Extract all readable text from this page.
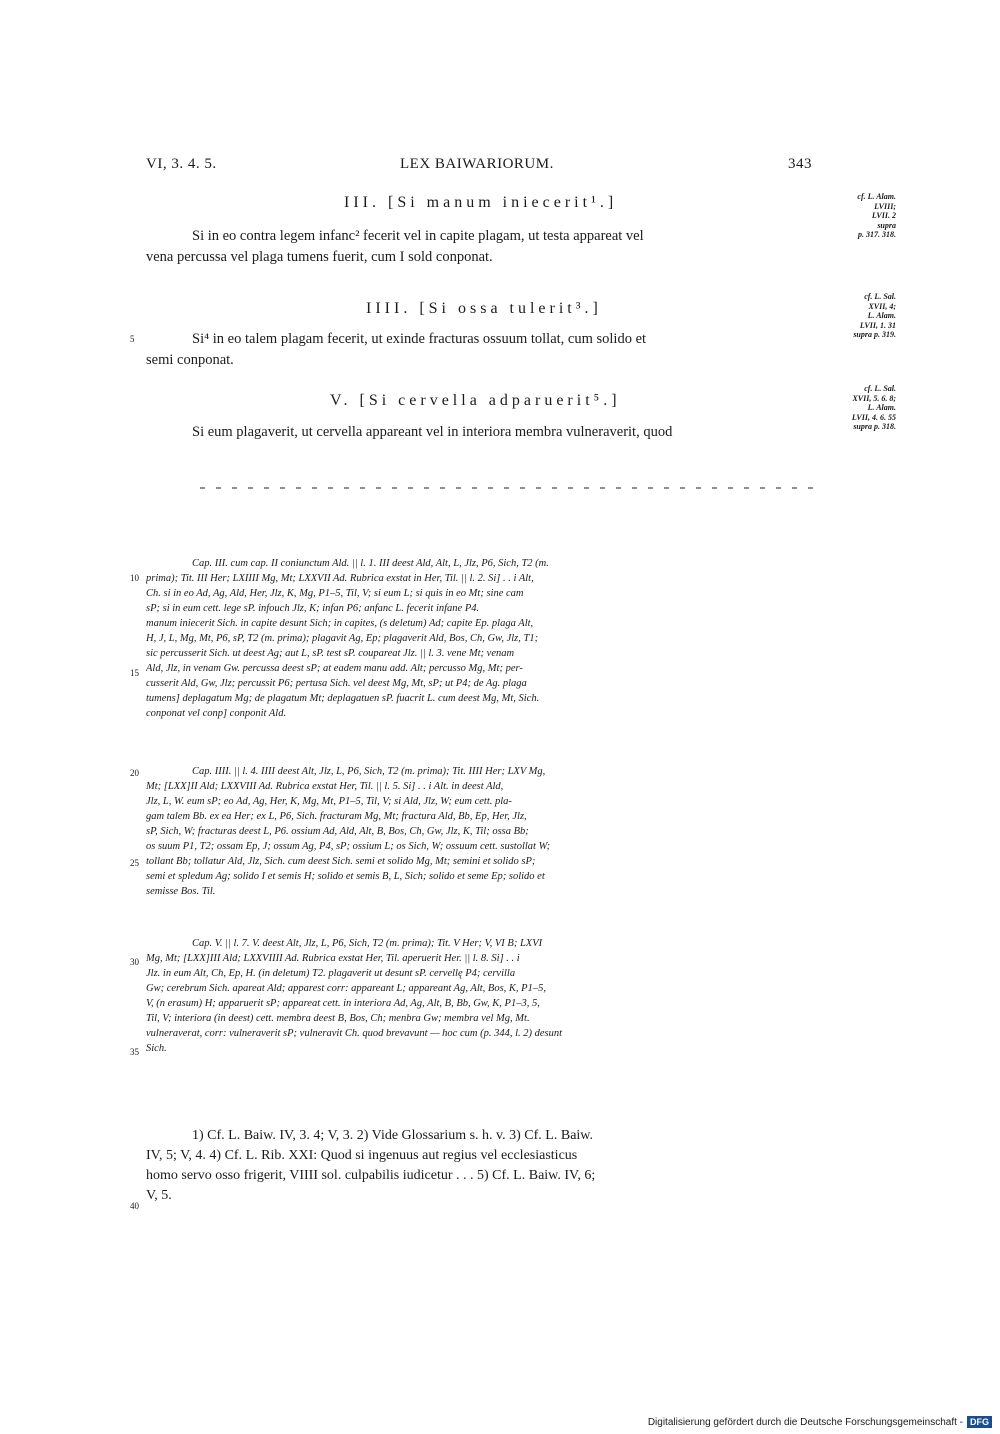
VI, 3. 4. 5.	LEX BAIWARIORUM.	343
III. [Si manum iniecerit¹.]
Si in eo contra legem infanc² fecerit vel in capite plagam, ut testa appareat vel
vena percussa vel plaga tumens fuerit, cum I sold conponat.
cf. L. Alam.
LVIII;
LVII. 2
supra
p. 317. 318.
IIII. [Si ossa tulerit³.]
5	Si⁴ in eo talem plagam fecerit, ut exinde fracturas ossuum tollat, cum solido et
semi conponat.
cf. L. Sal.
XVII, 4;
L. Alam.
LVII, 1. 31
supra p. 319.
V. [Si cervella adparuerit⁵.]
Si eum plagaverit, ut cervella appareant vel in interiora membra vulneraverit, quod
cf. L. Sal.
XVII, 5. 6. 8;
L. Alam.
LVII, 4. 6. 55
supra p. 318.
Cap. III. cum cap. II coniunctum Ald. || l. 1. III deest Ald, Alt, L, Jlz, P6, Sich, T2 (m.
prima); Tit. III Her; LXIIII Mg, Mt; LXXVII Ad. Rubrica exstat in Her, Til. || l. 2. Si] . . i Alt,
Ch. si in eo Ad, Ag, Ald, Her, Jlz, K, Mg, P1–5, Til, V; si eum L; si quis in eo Mt; sine cam
sP; si in eum cett. lege sP. infouch Jlz, K; infan P6; anfanc L. fecerit infane P4.
manum iniecerit Sich. in capite desunt Sich; in capites, (s deletum) Ad; capite Ep. plaga Alt,
H, J, L, Mg, Mt, P6, sP, T2 (m. prima); plagavit Ag, Ep; plagaverit Ald, Bos, Ch, Gw, Jlz, T1;
sic percusserit Sich. ut deest Ag; aut L, sP. test sP. coupareat Jlz. || l. 3. vene Mt; venam
Ald, Jlz, in venam Gw. percussa deest sP; at eadem manu add. Alt; percusso Mg, Mt; per-
cusserit Ald, Gw, Jlz; percussit P6; pertusa Sich. vel deest Mg, Mt, sP; ut P4; de Ag. plaga
tumens] deplagatum Mg; de plagatum Mt; deplagatuen sP. fuacrit L. cum deest Mg, Mt, Sich.
conponat vel conp] conponit Ald.
10
15
Cap. IIII. || l. 4. IIII deest Alt, Jlz, L, P6, Sich, T2 (m. prima); Tit. IIII Her; LXV Mg,
Mt; [LXX]II Ald; LXXVIII Ad. Rubrica exstat Her, Til. || l. 5. Si] . . i Alt. in deest Ald,
Jlz, L, W. eum sP; eo Ad, Ag, Her, K, Mg, Mt, P1–5, Til, V; si Ald, Jlz, W; eum cett. pla-
gam talem Bb. ex ea Her; ex L, P6, Sich. fracturam Mg, Mt; fractura Ald, Bb, Ep, Her, Jlz,
sP, Sich, W; fracturas deest L, P6. ossium Ad, Ald, Alt, B, Bos, Ch, Gw, Jlz, K, Til; ossa Bb;
os suum P1, T2; ossam Ep, J; ossum Ag, P4, sP; ossium L; os Sich, W; ossuum cett. sustollat W;
tollant Bb; tollatur Ald, Jlz, Sich. cum deest Sich. semi et solido Mg, Mt; semini et solido sP;
semi et spledum Ag; solido I et semis H; solido et semis B, L, Sich; solido et seme Ep; solido et
semisse Bos. Til.
20
25
Cap. V. || l. 7. V. deest Alt, Jlz, L, P6, Sich, T2 (m. prima); Tit. V Her; V, VI B; LXVI
Mg, Mt; [LXX]III Ald; LXXVIIII Ad. Rubrica exstat Her, Til. aperuerit Her. || l. 8. Si] . . i
Jlz. in eum Alt, Ch, Ep, H. (in deletum) T2. plagaverit ut desunt sP. cervellę P4; cervilla
Gw; cerebrum Sich. apareat Ald; apparest corr: appareant L; appareant Ag, Alt, Bos, K, P1–5,
V, (n erasum) H; apparuerit sP; appareat cett. in interiora Ad, Ag, Alt, B, Bb, Gw, K, P1–3, 5,
Til, V; interiora (in deest) cett. membra deest B, Bos, Ch; menbra Gw; membra vel Mg, Mt.
vulneraverat, corr: vulneraverit sP; vulneravit Ch. quod brevavunt — hoc cum (p. 344, l. 2) desunt
Sich.
30
35
1) Cf. L. Baiw. IV, 3. 4; V, 3. 2) Vide Glossarium s. h. v. 3) Cf. L. Baiw.
IV, 5; V, 4. 4) Cf. L. Rib. XXI: Quod si ingenuus aut regius vel ecclesiasticus
homo servo osso frigerit, VIIII sol. culpabilis iudicetur . . . 5) Cf. L. Baiw. IV, 6;
V, 5.
40
Digitalisierung gefördert durch die Deutsche Forschungsgemeinschaft - DFG
